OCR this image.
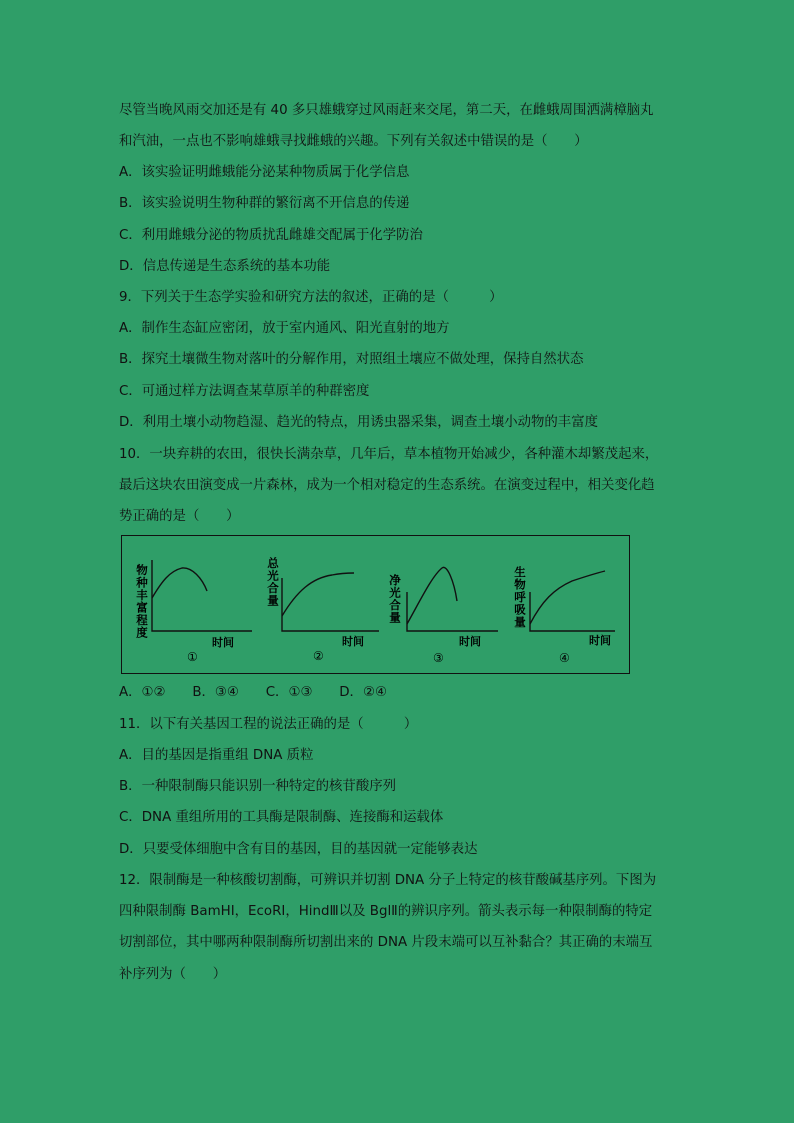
尽管当晚风雨交加还是有 40 多只雄蛾穿过风雨赶来交尾，第二天，在雌蛾周围洒满樟脑丸
和汽油，一点也不影响雄蛾寻找雌蛾的兴趣。下列有关叙述中错误的是（　　）
A．该实验证明雌蛾能分泌某种物质属于化学信息
B．该实验说明生物种群的繁衍离不开信息的传递
C．利用雌蛾分泌的物质扰乱雌雄交配属于化学防治
D．信息传递是生态系统的基本功能
9．下列关于生态学实验和研究方法的叙述，正确的是（　　　）
A．制作生态缸应密闭，放于室内通风、阳光直射的地方
B．探究土壤微生物对落叶的分解作用，对照组土壤应不做处理，保持自然状态
C．可通过样方法调查某草原羊的种群密度
D．利用土壤小动物趋湿、趋光的特点，用诱虫器采集，调查土壤小动物的丰富度
10．一块弃耕的农田，很快长满杂草，几年后，草本植物开始减少，各种灌木却繁茂起来，
最后这块农田演变成一片森林，成为一个相对稳定的生态系统。在演变过程中，相关变化趋
势正确的是（　　）
物种丰富程度	总光合量	净光合量	生物呼吸量
时间	时间	时间	时间
①	②	③	④
A．①②　　B．③④　　C．①③　　D．②④
11．以下有关基因工程的说法正确的是（　　　）
A．目的基因是指重组 DNA 质粒
B．一种限制酶只能识别一种特定的核苷酸序列
C．DNA 重组所用的工具酶是限制酶、连接酶和运载体
D．只要受体细胞中含有目的基因，目的基因就一定能够表达
12．限制酶是一种核酸切割酶，可辨识并切割 DNA 分子上特定的核苷酸碱基序列。下图为
四种限制酶 BamHI，EcoRI，HindⅢ以及 BglⅡ的辨识序列。箭头表示每一种限制酶的特定
切割部位，其中哪两种限制酶所切割出来的 DNA 片段末端可以互补黏合？其正确的末端互
补序列为（　　）
